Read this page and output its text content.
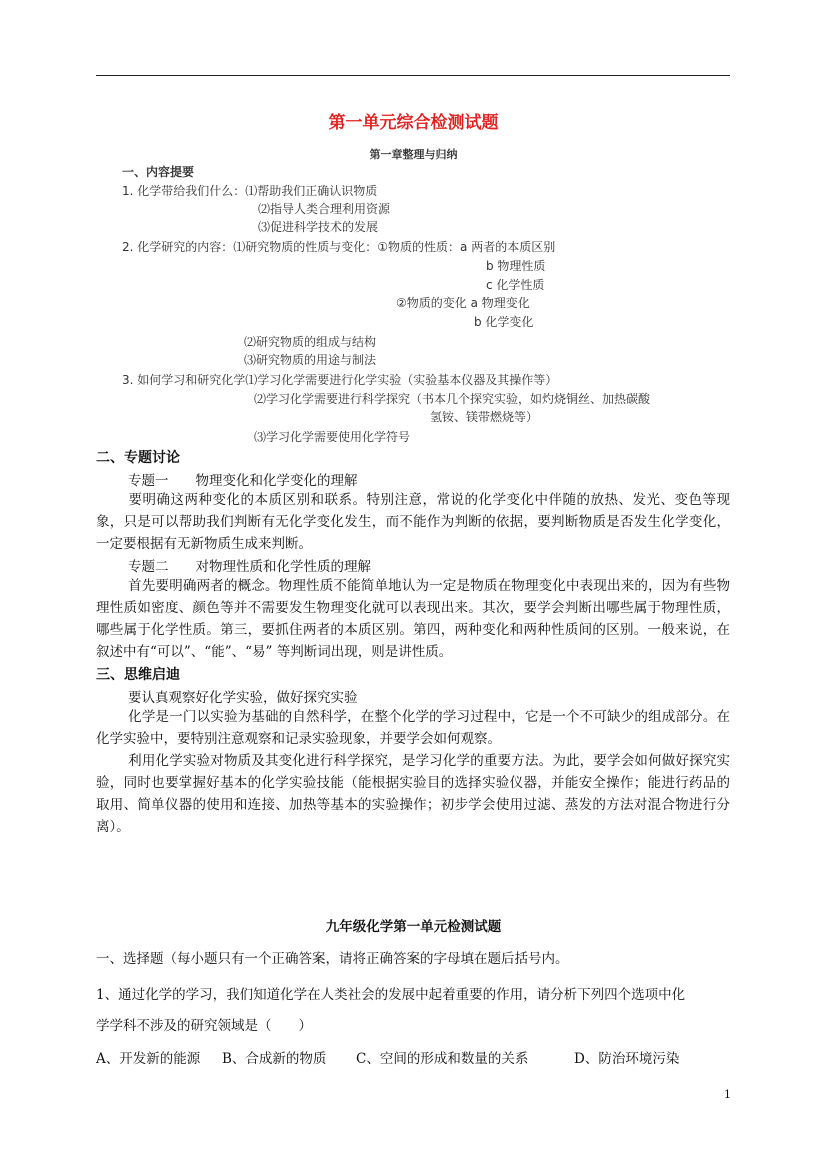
第一单元综合检测试题
第一章整理与归纳
一、内容提要
1. 化学带给我们什么：⑴帮助我们正确认识物质
⑵指导人类合理利用资源
⑶促进科学技术的发展
2. 化学研究的内容：⑴研究物质的性质与变化：①物质的性质：a 两者的本质区别
b 物理性质
c 化学性质
②物质的变化 a 物理变化
b 化学变化
⑵研究物质的组成与结构
⑶研究物质的用途与制法
3. 如何学习和研究化学⑴学习化学需要进行化学实验（实验基本仪器及其操作等）
⑵学习化学需要进行科学探究（书本几个探究实验，如灼烧铜丝、加热碳酸
氢铵、镁带燃烧等）
⑶学习化学需要使用化学符号
二、专题讨论
专题一　　物理变化和化学变化的理解
要明确这两种变化的本质区别和联系。特别注意，常说的化学变化中伴随的放热、发光、变色等现象，只是可以帮助我们判断有无化学变化发生，而不能作为判断的依据，要判断物质是否发生化学变化，一定要根据有无新物质生成来判断。
专题二　　对物理性质和化学性质的理解
首先要明确两者的概念。物理性质不能简单地认为一定是物质在物理变化中表现出来的，因为有些物理性质如密度、颜色等并不需要发生物理变化就可以表现出来。其次，要学会判断出哪些属于物理性质，哪些属于化学性质。第三，要抓住两者的本质区别。第四，两种变化和两种性质间的区别。一般来说，在叙述中有“可以”、“能”、“易” 等判断词出现，则是讲性质。
三、思维启迪
要认真观察好化学实验，做好探究实验
化学是一门以实验为基础的自然科学，在整个化学的学习过程中，它是一个不可缺少的组成部分。在化学实验中，要特别注意观察和记录实验现象，并要学会如何观察。
利用化学实验对物质及其变化进行科学探究，是学习化学的重要方法。为此，要学会如何做好探究实验，同时也要掌握好基本的化学实验技能（能根据实验目的选择实验仪器，并能安全操作；能进行药品的取用、简单仪器的使用和连接、加热等基本的实验操作；初步学会使用过滤、蒸发的方法对混合物进行分离）。
九年级化学第一单元检测试题
一、选择题（每小题只有一个正确答案，请将正确答案的字母填在题后括号内。
1、通过化学的学习，我们知道化学在人类社会的发展中起着重要的作用，请分析下列四个选项中化
学学科不涉及的研究领域是（　　）
A、开发新的能源 B、合成新的物质 C、空间的形成和数量的关系	D、防治环境污染
1
